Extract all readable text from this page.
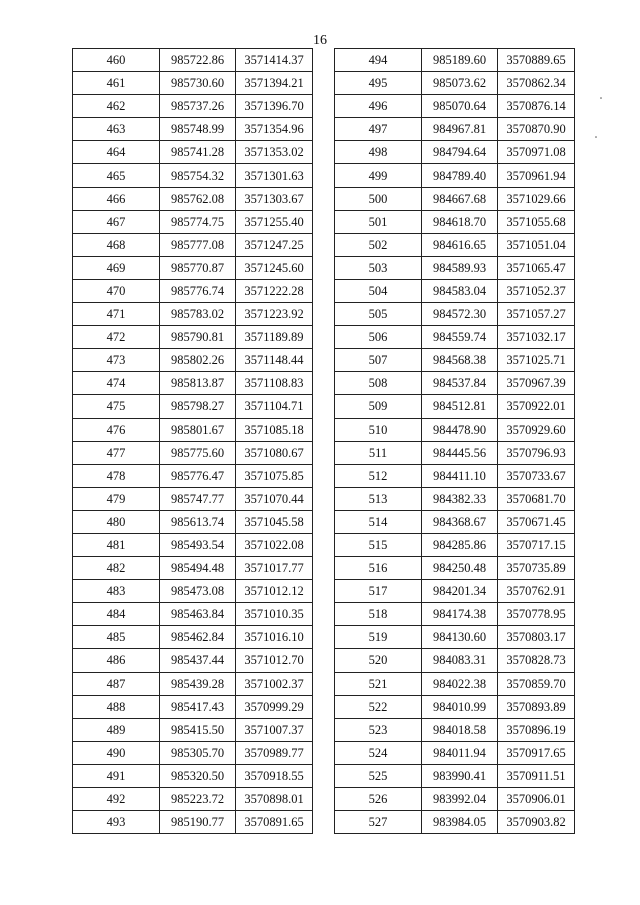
16
460	985722.86	3571414.37
461	985730.60	3571394.21
462	985737.26	3571396.70
463	985748.99	3571354.96
464	985741.28	3571353.02
465	985754.32	3571301.63
466	985762.08	3571303.67
467	985774.75	3571255.40
468	985777.08	3571247.25
469	985770.87	3571245.60
470	985776.74	3571222.28
471	985783.02	3571223.92
472	985790.81	3571189.89
473	985802.26	3571148.44
474	985813.87	3571108.83
475	985798.27	3571104.71
476	985801.67	3571085.18
477	985775.60	3571080.67
478	985776.47	3571075.85
479	985747.77	3571070.44
480	985613.74	3571045.58
481	985493.54	3571022.08
482	985494.48	3571017.77
483	985473.08	3571012.12
484	985463.84	3571010.35
485	985462.84	3571016.10
486	985437.44	3571012.70
487	985439.28	3571002.37
488	985417.43	3570999.29
489	985415.50	3571007.37
490	985305.70	3570989.77
491	985320.50	3570918.55
492	985223.72	3570898.01
493	985190.77	3570891.65
494	985189.60	3570889.65
495	985073.62	3570862.34
496	985070.64	3570876.14
497	984967.81	3570870.90
498	984794.64	3570971.08
499	984789.40	3570961.94
500	984667.68	3571029.66
501	984618.70	3571055.68
502	984616.65	3571051.04
503	984589.93	3571065.47
504	984583.04	3571052.37
505	984572.30	3571057.27
506	984559.74	3571032.17
507	984568.38	3571025.71
508	984537.84	3570967.39
509	984512.81	3570922.01
510	984478.90	3570929.60
511	984445.56	3570796.93
512	984411.10	3570733.67
513	984382.33	3570681.70
514	984368.67	3570671.45
515	984285.86	3570717.15
516	984250.48	3570735.89
517	984201.34	3570762.91
518	984174.38	3570778.95
519	984130.60	3570803.17
520	984083.31	3570828.73
521	984022.38	3570859.70
522	984010.99	3570893.89
523	984018.58	3570896.19
524	984011.94	3570917.65
525	983990.41	3570911.51
526	983992.04	3570906.01
527	983984.05	3570903.82
